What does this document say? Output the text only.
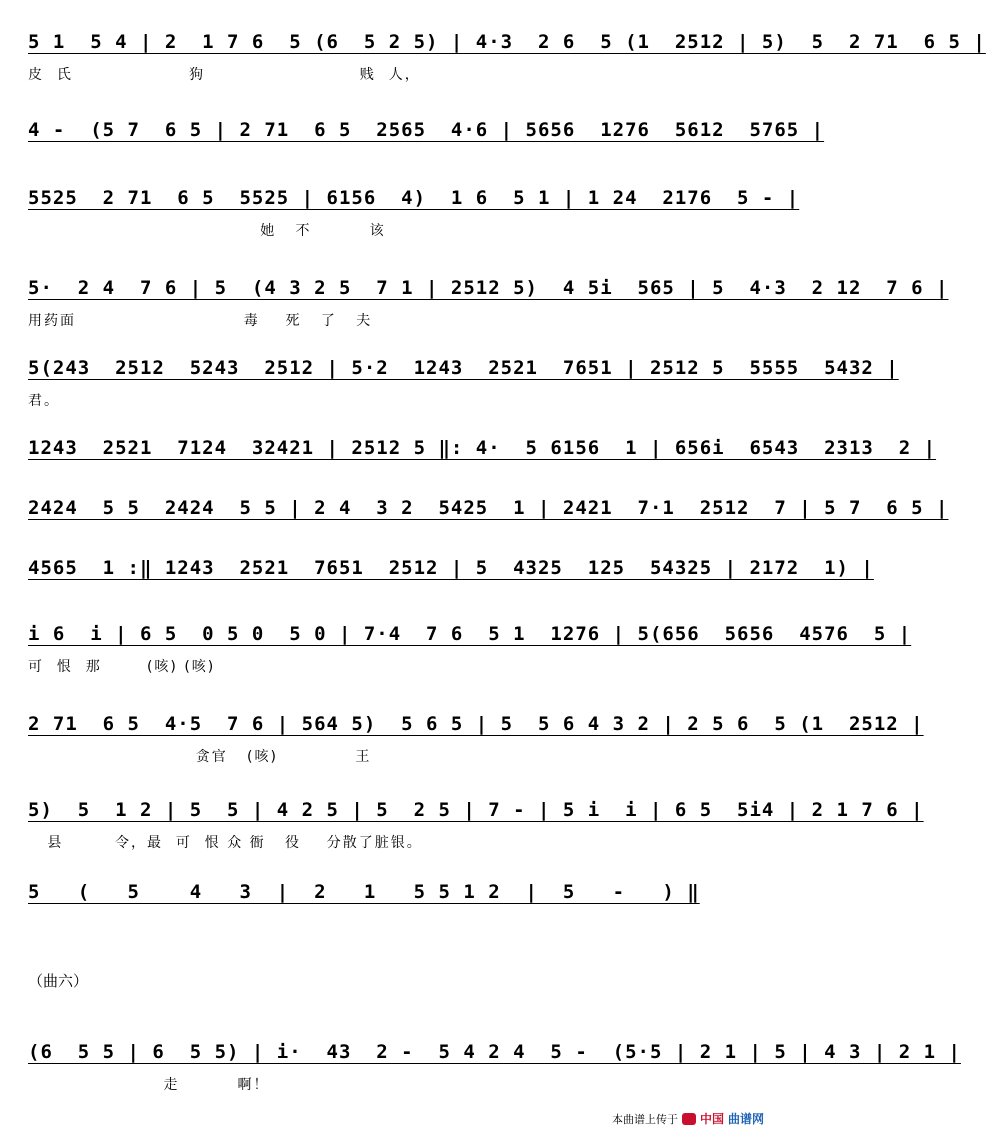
5 1  5 4 | 2  1 7 6  5 (6  5 2 5) | 4·3  2 6  5 (1  2512 | 5)  5  2 71  6 5 |
皮  氏                  狗                        贱  人，
4 -  (5 7  6 5 | 2 71  6 5  2565  4·6 | 5656  1276  5612  5765 |
5525  2 71  6 5  5525 | 6156  4)  1 6  5 1 | 1 24  2176  5 - |
她   不         该
5·  2 4  7 6 | 5  (4 3 2 5  7 1 | 2512 5)  4 5i  565 | 5  4·3  2 12  7 6 |
用药面                          毒    死   了   夫
5(243  2512  5243  2512 | 5·2  1243  2521  7651 | 2512 5  5555  5432 |
君。
1243  2521  7124  32421 | 2512 5 ‖: 4·  5 6156  1 | 656i  6543  2313  2 |
2424  5 5  2424  5 5 | 2 4  3 2  5425  1 | 2421  7·1  2512  7 | 5 7  6 5 |
4565  1 :‖ 1243  2521  7651  2512 | 5  4325  125  54325 | 2172  1) |
i 6  i | 6 5  0 5 0  5 0 | 7·4  7 6  5 1  1276 | 5(656  5656  4576  5 |
可  恨  那       (咳) (咳)
2 71  6 5  4·5  7 6 | 564 5)  5 6 5 | 5  5 6 4 3 2 | 2 5 6  5 (1  2512 |
贪官   (咳)            王
5)  5  1 2 | 5  5 | 4 2 5 | 5  2 5 | 7 - | 5 i  i | 6 5  5i4 | 2 1 7 6 |
县        令，最  可  恨 众 衙   役    分散了脏银。
5   (   5    4   3  |  2   1   5 5 1 2  |  5   -   ) ‖
（曲六）
(6  5 5 | 6  5 5) | i·  43  2 -  5 4 2 4  5 -  (5·5 | 2 1 | 5 | 4 3 | 2 1 |
走         啊！
本曲谱上传于 中国 曲谱网
